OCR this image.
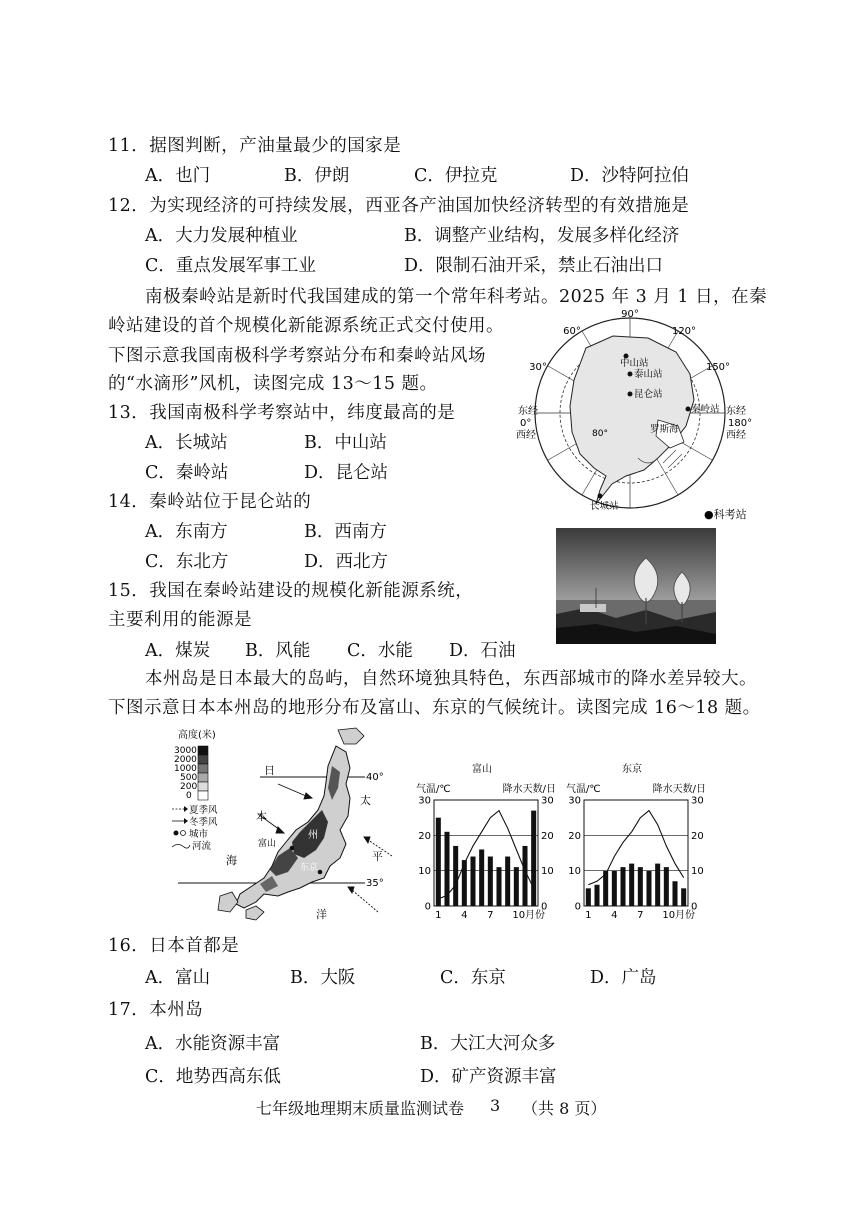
11．据图判断，产油量最少的国家是
A．也门	B．伊朗	C．伊拉克	D．沙特阿拉伯
12．为实现经济的可持续发展，西亚各产油国加快经济转型的有效措施是
A．大力发展种植业	B．调整产业结构，发展多样化经济
C．重点发展军事工业	D．限制石油开采，禁止石油出口
南极秦岭站是新时代我国建成的第一个常年科考站。2025 年 3 月 1 日，在秦
岭站建设的首个规模化新能源系统正式交付使用。
下图示意我国南极科学考察站分布和秦岭站风场
的“水滴形”风机，读图完成 13～15 题。
13．我国南极科学考察站中，纬度最高的是
A．长城站	B．中山站
C．秦岭站	D．昆仑站
14．秦岭站位于昆仑站的
A．东南方	B．西南方
C．东北方	D．西北方
15．我国在秦岭站建设的规模化新能源系统，
主要利用的能源是
A．煤炭 B．风能 C．水能 D．石油
90°
60°	120°
30°	150°
东经
0°
西经
东经
180°
西经
80°
中山站
泰山站
昆仑站
秦岭站
罗斯海
长城站
●科考站
本州岛是日本最大的岛屿，自然环境独具特色，东西部城市的降水差异较大。
下图示意日本本州岛的地形分布及富山、东京的气候统计。读图完成 16～18 题。
高度(米)
3000
2000
1000
500
200
0
夏季风
冬季风
城市
河流
40°
35°
日
本
海
太
平
洋
州
富山
东京
富山
气温/℃	降水天数/日
0	0
10	10
20	20
30	30
1 4 7 10月份
东京
气温/℃	降水天数/日
0	0
10	10
20	20
30	30
1 4 7 10月份
16．日本首都是
A．富山	B．大阪	C．东京	D．广岛
17．本州岛
A．水能资源丰富	B．大江大河众多
C．地势西高东低	D．矿产资源丰富
七年级地理期末质量监测试卷 3 （共 8 页）
